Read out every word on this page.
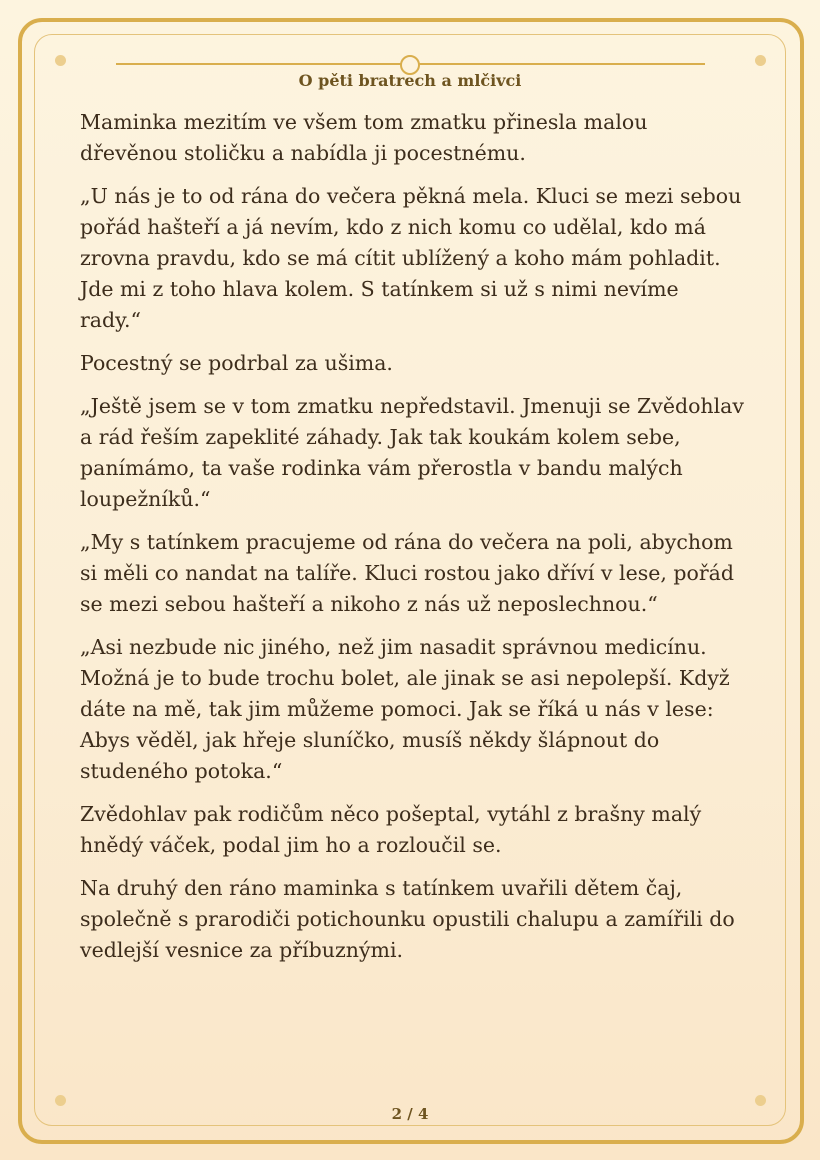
O pěti bratrech a mlčivci

Maminka mezitím ve všem tom zmatku přinesla malou dřevěnou stoličku a nabídla ji pocestnému.

„U nás je to od rána do večera pěkná mela. Kluci se mezi sebou pořád hašteří a já nevím, kdo z nich komu co udělal, kdo má zrovna pravdu, kdo se má cítit ublížený a koho mám pohladit. Jde mi z toho hlava kolem. S tatínkem si už s nimi nevíme rady.“

Pocestný se podrbal za ušima.

„Ještě jsem se v tom zmatku nepředstavil. Jmenuji se Zvědohlav a rád řeším zapeklité záhady. Jak tak koukám kolem sebe, panímámo, ta vaše rodinka vám přerostla v bandu malých loupežníků.“

„My s tatínkem pracujeme od rána do večera na poli, abychom si měli co nandat na talíře. Kluci rostou jako dříví v lese, pořád se mezi sebou hašteří a nikoho z nás už neposlechnou.“

„Asi nezbude nic jiného, než jim nasadit správnou medicínu. Možná je to bude trochu bolet, ale jinak se asi nepolepší. Když dáte na mě, tak jim můžeme pomoci. Jak se říká u nás v lese: Abys věděl, jak hřeje sluníčko, musíš někdy šlápnout do studeného potoka.“

Zvědohlav pak rodičům něco pošeptal, vytáhl z brašny malý hnědý váček, podal jim ho a rozloučil se.

Na druhý den ráno maminka s tatínkem uvařili dětem čaj, společně s prarodiči potichounku opustili chalupu a zamířili do vedlejší vesnice za příbuznými.

2 / 4
